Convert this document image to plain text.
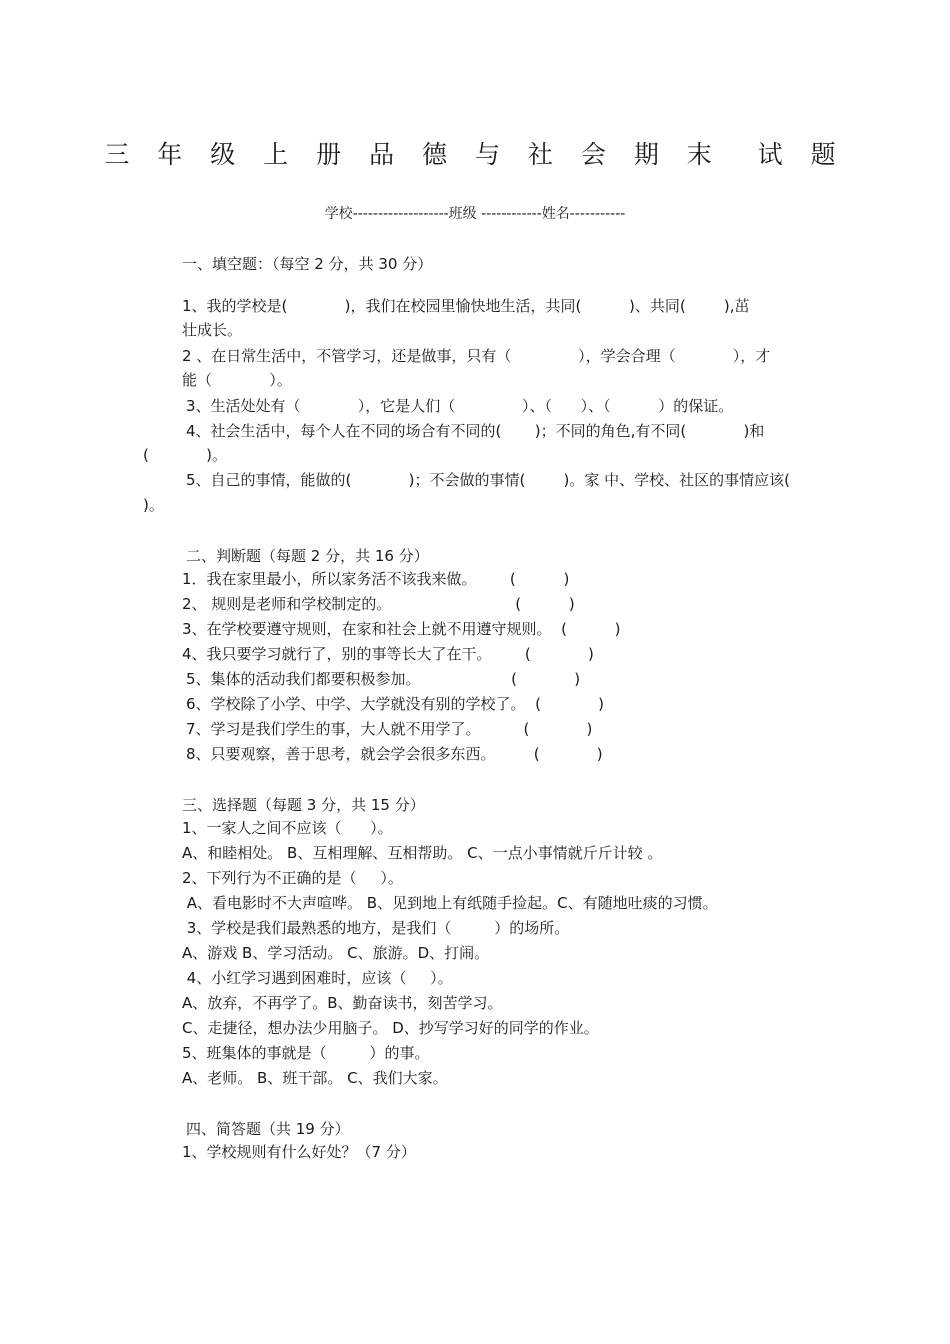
三 年 级 上 册 品 德 与 社 会 期 末  试 题
学校-------------------班级 ------------姓名-----------
一、填空题：（每空 2 分，共 30 分）
1、我的学校是(            )，我们在校园里愉快地生活，共同(          )、共同(        ),茁
壮成长。
2 、在日常生活中，不管学习，还是做事，只有（              ），学会合理（            ），才
能（            ）。
3、生活处处有（            ），它是人们（              ）、（      ）、（          ）的保证。
4、社会生活中，每个人在不同的场合有不同的(       )；不同的角色,有不同(            )和
(            )。
5、自己的事情，能做的(            )；不会做的事情(        )。家 中、学校、社区的事情应该(
)。
二、判断题（每题 2 分，共 16 分）
1．我在家里最小，所以家务活不该我来做。       (          )
2、 规则是老师和学校制定的。                          (          )
3、在学校要遵守规则，在家和社会上就不用遵守规则。  (          )
4、我只要学习就行了，别的事等长大了在干。       (            )
5、集体的活动我们都要积极参加。                   (            )
6、学校除了小学、中学、大学就没有别的学校了。  (            )
7、学习是我们学生的事，大人就不用学了。         (            )
8、只要观察，善于思考，就会学会很多东西。        (            )
三、选择题（每题 3 分，共 15 分）
1、一家人之间不应该（      ）。
A、和睦相处。 B、互相理解、互相帮助。 C、一点小事情就斤斤计较 。
2、下列行为不正确的是（     ）。
A、看电影时不大声喧哗。 B、见到地上有纸随手捡起。C、有随地吐痰的习惯。
3、学校是我们最熟悉的地方，是我们（         ）的场所。
A、游戏 B、学习活动。 C、旅游。D、打闹。
4、小红学习遇到困难时，应该（     ）。
A、放弃，不再学了。B、勤奋读书，刻苦学习。
C、走捷径，想办法少用脑子。 D、抄写学习好的同学的作业。
5、班集体的事就是（         ）的事。
A、老师。 B、班干部。 C、我们大家。
四、简答题（共 19 分）
1、学校规则有什么好处？（7 分）
